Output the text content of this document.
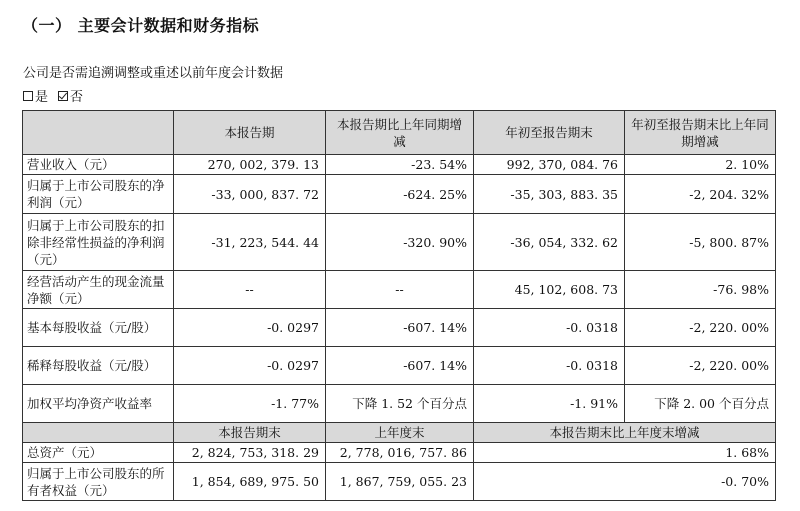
（一） 主要会计数据和财务指标
公司是否需追溯调整或重述以前年度会计数据
是 否
	本报告期	本报告期比上年同期增减	年初至报告期末	年初至报告期末比上年同期增减
营业收入（元）	270, 002, 379. 13	-23. 54%	992, 370, 084. 76	2. 10%
归属于上市公司股东的净利润（元）	-33, 000, 837. 72	-624. 25%	-35, 303, 883. 35	-2, 204. 32%
归属于上市公司股东的扣除非经常性损益的净利润（元）	-31, 223, 544. 44	-320. 90%	-36, 054, 332. 62	-5, 800. 87%
经营活动产生的现金流量净额（元）	--	--	45, 102, 608. 73	-76. 98%
基本每股收益（元/股）	-0. 0297	-607. 14%	-0. 0318	-2, 220. 00%
稀释每股收益（元/股）	-0. 0297	-607. 14%	-0. 0318	-2, 220. 00%
加权平均净资产收益率	-1. 77%	下降 1. 52 个百分点	-1. 91%	下降 2. 00 个百分点
	本报告期末	上年度末	本报告期末比上年度末增减	
总资产（元）	2, 824, 753, 318. 29	2, 778, 016, 757. 86	1. 68%	
归属于上市公司股东的所有者权益（元）	1, 854, 689, 975. 50	1, 867, 759, 055. 23	-0. 70%	
